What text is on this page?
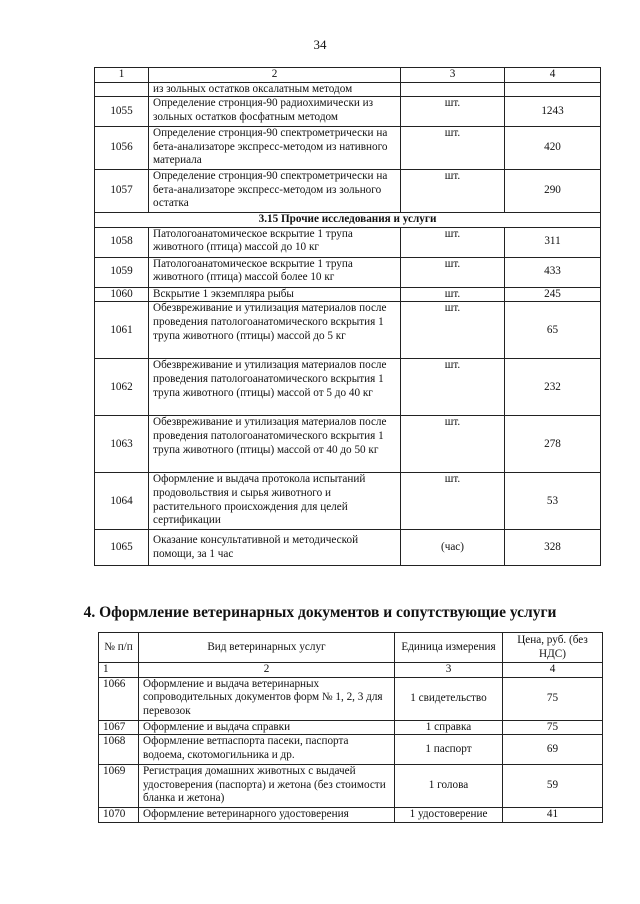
34
1	2	3	4
	из зольных остатков оксалатным методом		
1055	Определение стронция-90 радиохимически из зольных остатков фосфатным методом	шт.	1243
1056	Определение стронция-90 спектрометрически на бета-анализаторе экспресс-методом из нативного материала	шт.	420
1057	Определение стронция-90 спектрометрически на бета-анализаторе экспресс-методом из зольного остатка	шт.	290
3.15 Прочие исследования и услуги			
1058	Патологоанатомическое вскрытие 1 трупа животного (птица) массой до 10 кг	шт.	311
1059	Патологоанатомическое вскрытие 1 трупа животного (птица) массой более 10 кг	шт.	433
1060	Вскрытие 1 экземпляра рыбы	шт.	245
1061	Обезвреживание и утилизация материалов после проведения патологоанатомического вскрытия 1 трупа животного (птицы) массой до 5 кг	шт.	65
1062	Обезвреживание и утилизация материалов после проведения патологоанатомического вскрытия 1 трупа животного (птицы) массой от 5 до 40 кг	шт.	232
1063	Обезвреживание и утилизация материалов после проведения патологоанатомического вскрытия 1 трупа животного (птицы) массой от 40 до 50 кг	шт.	278
1064	Оформление и выдача протокола испытаний продовольствия и сырья животного и растительного происхождения для целей сертификации	шт.	53
1065	Оказание консультативной и методической помощи, за 1 час	(час)	328
4. Оформление ветеринарных документов и сопутствующие услуги
№ п/п	Вид ветеринарных услуг	Единица измерения	Цена, руб. (без НДС)
1	2	3	4
1066	Оформление и выдача ветеринарных сопроводительных документов форм № 1, 2, 3 для перевозок	1 свидетельство	75
1067	Оформление и выдача справки	1 справка	75
1068	Оформление ветпаспорта пасеки, паспорта водоема, скотомогильника и др.	1 паспорт	69
1069	Регистрация домашних животных с выдачей удостоверения (паспорта) и жетона (без стоимости бланка и жетона)	1 голова	59
1070	Оформление ветеринарного удостоверения	1 удостоверение	41
